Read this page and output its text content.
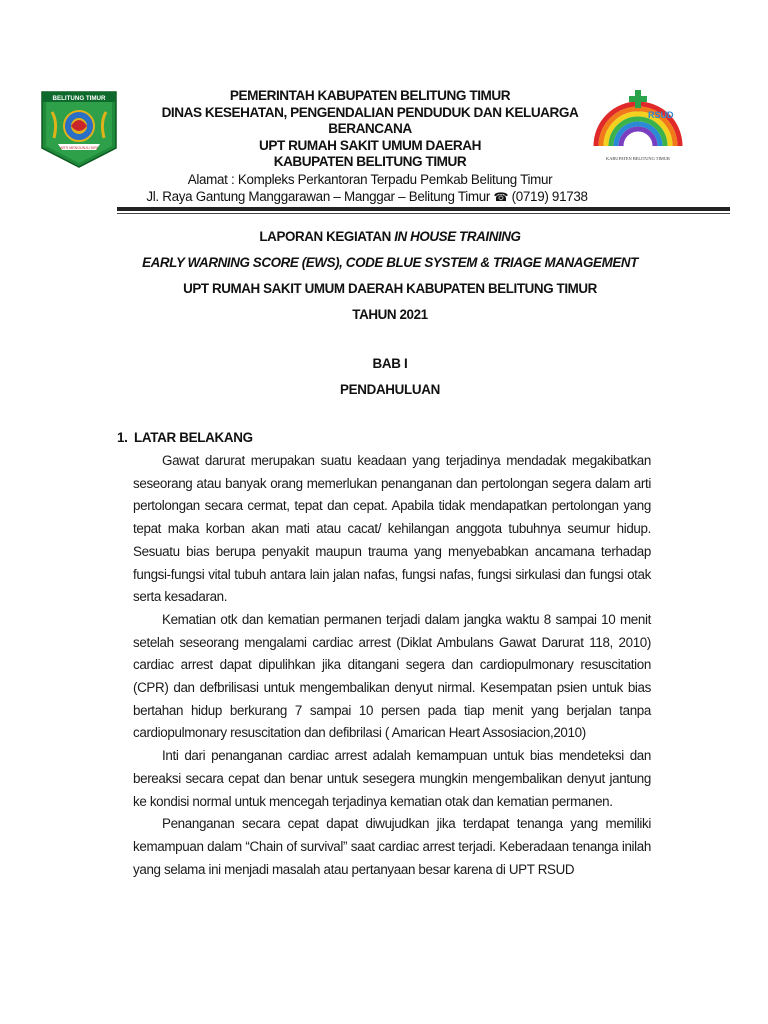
BELITUNG TIMUR
ARTI MENGUNJU DIRI
PEMERINTAH KABUPATEN BELITUNG TIMUR
DINAS KESEHATAN, PENGENDALIAN PENDUDUK DAN KELUARGA
BERANCANA
UPT RUMAH SAKIT UMUM DAERAH
KABUPATEN BELITUNG TIMUR
Alamat : Kompleks Perkantoran Terpadu Pemkab Belitung Timur
Jl. Raya Gantung Manggarawan – Manggar – Belitung Timur ☎ (0719) 91738
RSUD
KABUPATEN BELITUNG TIMUR
LAPORAN KEGIATAN IN HOUSE TRAINING
EARLY WARNING SCORE (EWS), CODE BLUE SYSTEM & TRIAGE MANAGEMENT
UPT RUMAH SAKIT UMUM DAERAH KABUPATEN BELITUNG TIMUR
TAHUN 2021
BAB I
PENDAHULUAN
1. LATAR BELAKANG

Gawat darurat merupakan suatu keadaan yang terjadinya mendadak megakibatkan seseorang atau banyak orang memerlukan penanganan dan pertolongan segera dalam arti pertolongan secara cermat, tepat dan cepat. Apabila tidak mendapatkan pertolongan yang tepat maka korban akan mati atau cacat/ kehilangan anggota tubuhnya seumur hidup. Sesuatu bias berupa penyakit maupun trauma yang menyebabkan ancamana terhadap fungsi-fungsi vital tubuh antara lain jalan nafas, fungsi nafas, fungsi sirkulasi dan fungsi otak serta kesadaran.

Kematian otk dan kematian permanen terjadi dalam jangka waktu 8 sampai 10 menit setelah seseorang mengalami cardiac arrest (Diklat Ambulans Gawat Darurat 118, 2010) cardiac arrest dapat dipulihkan jika ditangani segera dan cardiopulmonary resuscitation (CPR) dan defbrilisasi untuk mengembalikan denyut nirmal. Kesempatan psien untuk bias bertahan hidup berkurang 7 sampai 10 persen pada tiap menit yang berjalan tanpa cardiopulmonary resuscitation dan defibrilasi ( Amarican Heart Assosiacion,2010)

Inti dari penanganan cardiac arrest adalah kemampuan untuk bias mendeteksi dan bereaksi secara cepat dan benar untuk sesegera mungkin mengembalikan denyut jantung ke kondisi normal untuk mencegah terjadinya kematian otak dan kematian permanen.

Penanganan secara cepat dapat diwujudkan jika terdapat tenanga yang memiliki kemampuan dalam “Chain of survival” saat cardiac arrest terjadi. Keberadaan tenanga inilah yang selama ini menjadi masalah atau pertanyaan besar karena di UPT RSUD
